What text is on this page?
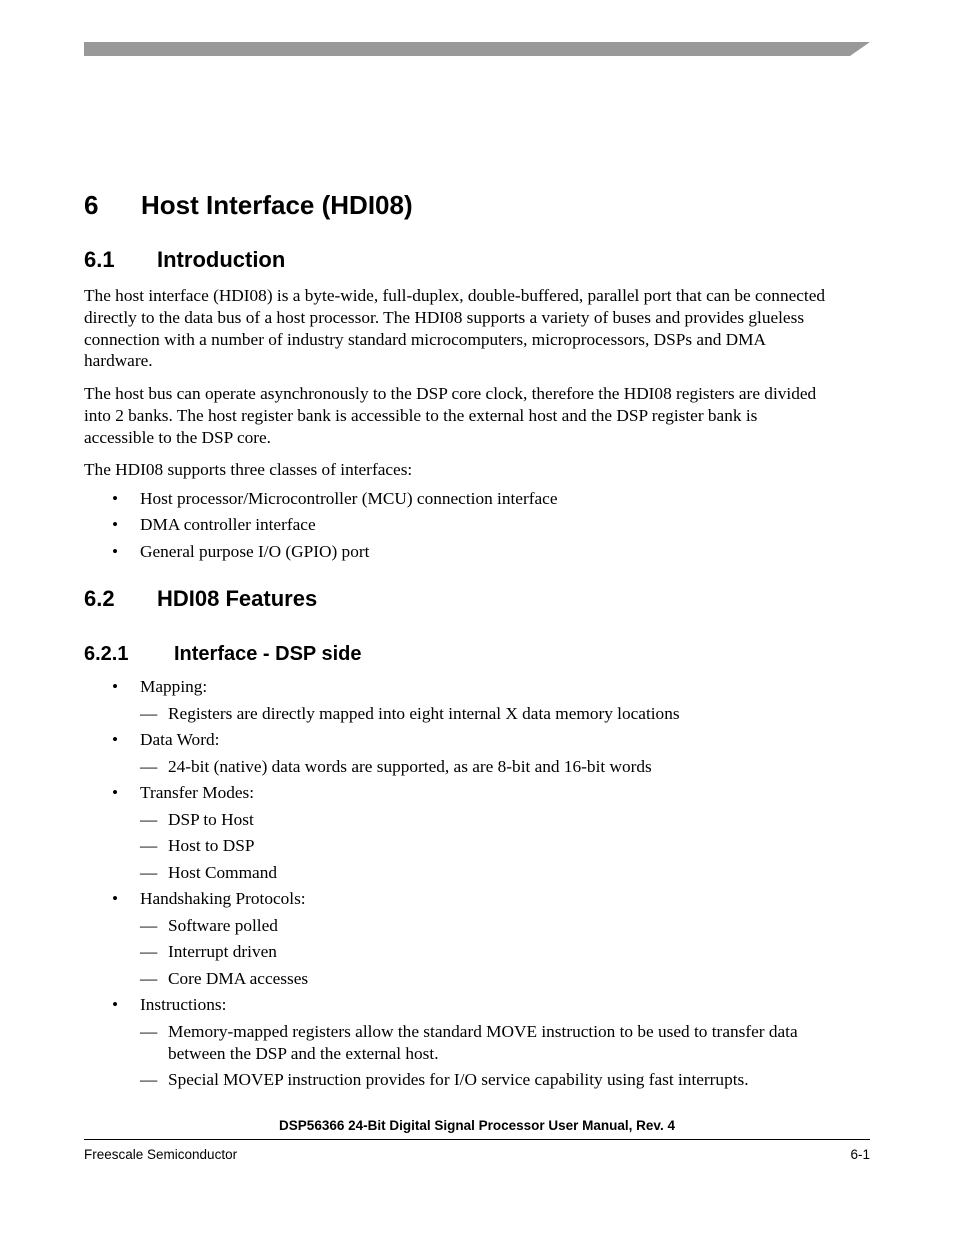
6 Host Interface (HDI08)
6.1 Introduction
The host interface (HDI08) is a byte-wide, full-duplex, double-buffered, parallel port that can be connected
directly to the data bus of a host processor. The HDI08 supports a variety of buses and provides glueless
connection with a number of industry standard microcomputers, microprocessors, DSPs and DMA
hardware.
The host bus can operate asynchronously to the DSP core clock, therefore the HDI08 registers are divided
into 2 banks. The host register bank is accessible to the external host and the DSP register bank is
accessible to the DSP core.
The HDI08 supports three classes of interfaces:
• Host processor/Microcontroller (MCU) connection interface
• DMA controller interface
• General purpose I/O (GPIO) port
6.2 HDI08 Features
6.2.1 Interface - DSP side
• Mapping:
— Registers are directly mapped into eight internal X data memory locations
• Data Word:
— 24-bit (native) data words are supported, as are 8-bit and 16-bit words
• Transfer Modes:
— DSP to Host
— Host to DSP
— Host Command
• Handshaking Protocols:
— Software polled
— Interrupt driven
— Core DMA accesses
• Instructions:
— Memory-mapped registers allow the standard MOVE instruction to be used to transfer data
between the DSP and the external host.
— Special MOVEP instruction provides for I/O service capability using fast interrupts.
DSP56366 24-Bit Digital Signal Processor User Manual, Rev. 4
Freescale Semiconductor	6-1
